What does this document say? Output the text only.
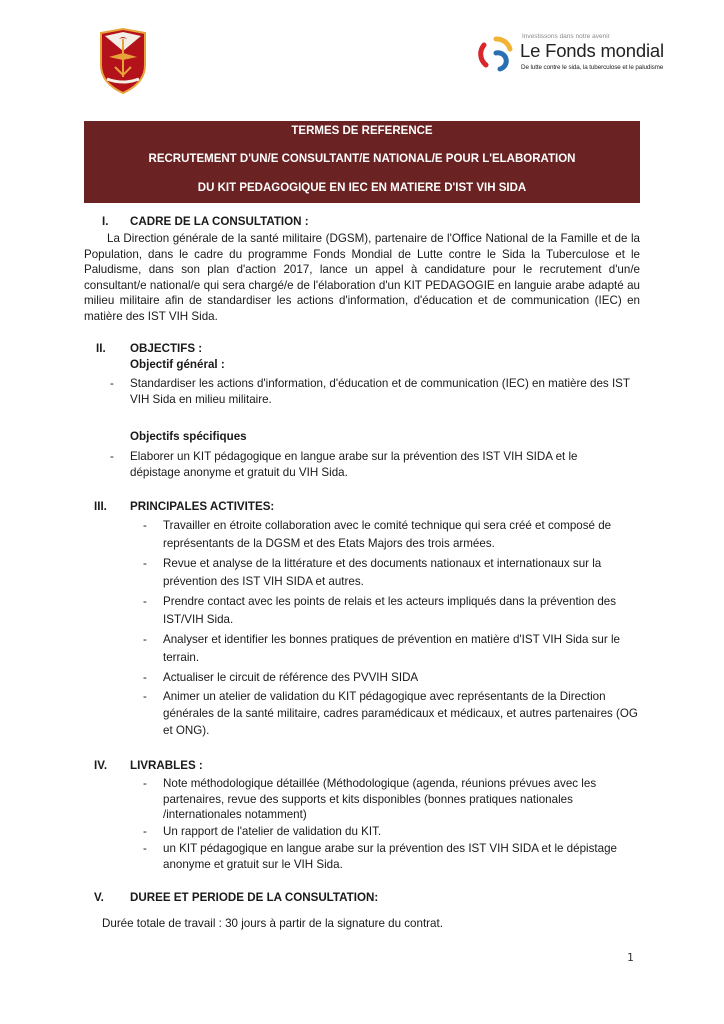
Investissons dans notre avenir
Le Fonds mondial
De lutte contre le sida, la tuberculose et le paludisme
TERMES DE REFERENCE
RECRUTEMENT D'UN/E CONSULTANT/E NATIONAL/E POUR L'ELABORATION
DU KIT PEDAGOGIQUE EN IEC EN MATIERE D'IST VIH SIDA
I. CADRE DE LA CONSULTATION :
La Direction générale de la santé militaire (DGSM), partenaire de l'Office National de la Famille et de la Population, dans le cadre du programme Fonds Mondial de Lutte contre le Sida la Tuberculose et le Paludisme, dans son plan d'action 2017, lance un appel à candidature pour le recrutement d'un/e consultant/e national/e qui sera chargé/e de l'élaboration d'un KIT PEDAGOGIE en languie arabe adapté au milieu militaire afin de standardiser les actions d'information, d'éducation et de communication (IEC) en matière des IST VIH Sida.
II. OBJECTIFS :
Objectif général :
- Standardiser les actions d'information, d'éducation et de communication (IEC) en matière des IST VIH Sida en milieu militaire.
Objectifs spécifiques
- Elaborer un KIT pédagogique en langue arabe sur la prévention des IST VIH SIDA et le dépistage anonyme et gratuit du VIH Sida.
III. PRINCIPALES ACTIVITES:
- Travailler en étroite collaboration avec le comité technique qui sera créé et composé de représentants de la DGSM et des Etats Majors des trois armées.
- Revue et analyse de la littérature et des documents nationaux et internationaux sur la prévention des IST VIH SIDA et autres.
- Prendre contact avec les points de relais et les acteurs impliqués dans la prévention des IST/VIH Sida.
- Analyser et identifier les bonnes pratiques de prévention en matière d'IST VIH Sida sur le terrain.
- Actualiser le circuit de référence des PVVIH SIDA
- Animer un atelier de validation du KIT pédagogique avec représentants de la Direction générales de la santé militaire, cadres paramédicaux et médicaux, et autres partenaires (OG et ONG).
IV. LIVRABLES :
- Note méthodologique détaillée (Méthodologique (agenda, réunions prévues avec les partenaires, revue des supports et kits disponibles (bonnes pratiques nationales /internationales notamment)
- Un rapport de l'atelier de validation du KIT.
- un KIT pédagogique en langue arabe sur la prévention des IST VIH SIDA et le dépistage anonyme et gratuit sur le VIH Sida.
V. DUREE ET PERIODE DE LA CONSULTATION:
Durée totale de travail : 30 jours à partir de la signature du contrat.
1
